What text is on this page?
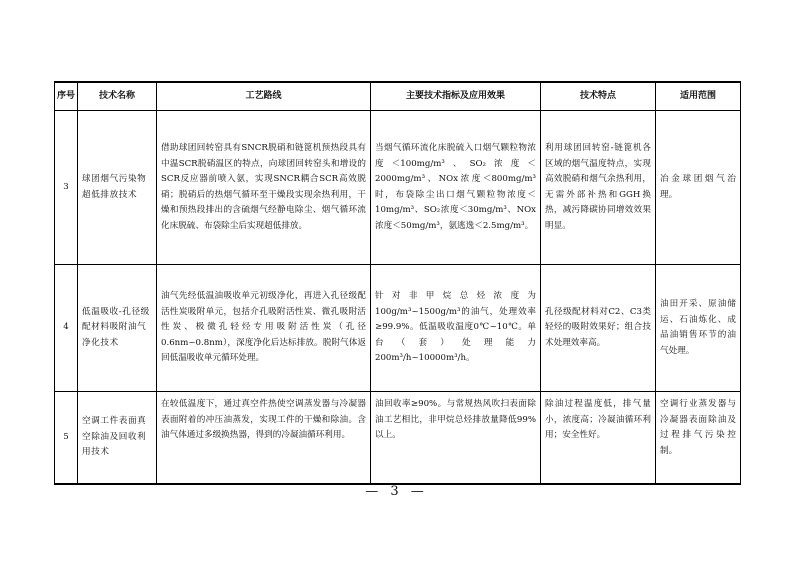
序号	技术名称	工艺路线	主要技术指标及应用效果	技术特点	适用范围
3	球团烟气污染物超低排放技术	借助球团回转窑具有SNCR脱硝和链篦机预热段具有中温SCR脱硝温区的特点，向球团回转窑头和增设的SCR反应器前喷入氨，实现SNCR耦合SCR高效脱硝；脱硝后的热烟气循环至干燥段实现余热利用，干燥和预热段排出的含硫烟气经静电除尘、烟气循环流化床脱硫、布袋除尘后实现超低排放。	当烟气循环流化床脱硫入口烟气颗粒物浓度＜100mg/m³、SO₂浓度＜2000mg/m³、NOx浓度＜800mg/m³时，布袋除尘出口烟气颗粒物浓度＜10mg/m³、SO₂浓度＜30mg/m³、NOx浓度＜50mg/m³，氨逃逸＜2.5mg/m³。	利用球团回转窑-链篦机各区域的烟气温度特点，实现高效脱硝和烟气余热利用，无需外部补热和GGH换热，减污降碳协同增效效果明显。	冶金球团烟气治理。
4	低温吸收-孔径级配材料吸附油气净化技术	油气先经低温油吸收单元初级净化，再进入孔径级配活性炭吸附单元，包括介孔吸附活性炭、微孔吸附活性炭、极微孔轻烃专用吸附活性炭（孔径0.6nm~0.8nm），深度净化后达标排放。脱附气体返回低温吸收单元循环处理。	针对非甲烷总烃浓度为100g/m³~1500g/m³的油气，处理效率≥99.9%。低温吸收温度0℃~10℃。单台（套）处理能力200m³/h~10000m³/h。	孔径级配材料对C2、C3类轻烃的吸附效果好；组合技术处理效率高。	油田开采、原油储运、石油炼化、成品油销售环节的油气处理。
5	空调工件表面真空除油及回收利用技术	在较低温度下，通过真空件热使空调蒸发器与冷凝器表面附着的冲压油蒸发，实现工件的干燥和除油。含油气体通过多级换热器，得到的冷凝油循环利用。	油回收率≥90%。与常规热风吹扫表面除油工艺相比，非甲烷总烃排放量降低99%以上。	除油过程温度低，排气量小，浓度高；冷凝油循环利用；安全性好。	空调行业蒸发器与冷凝器表面除油及过程排气污染控制。
— 3 —
